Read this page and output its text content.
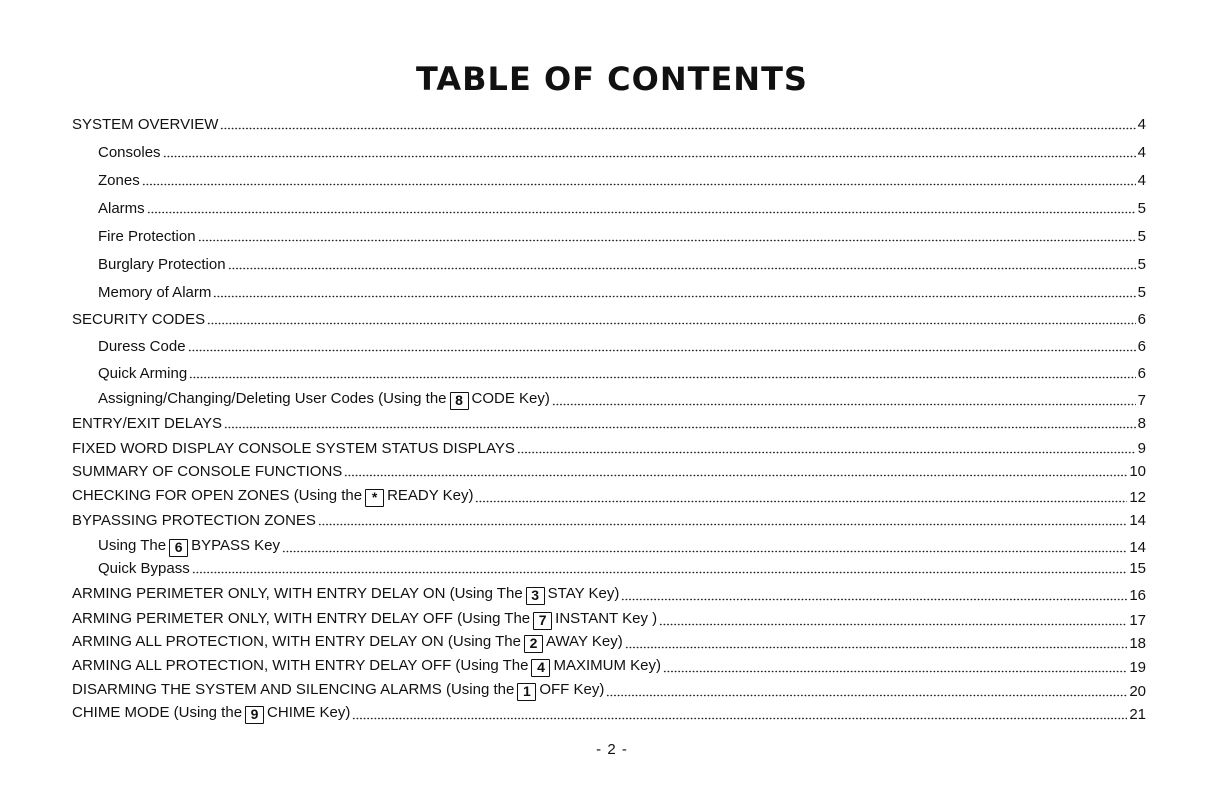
TABLE OF CONTENTS
SYSTEM OVERVIEW	4
Consoles	4
Zones	4
Alarms	5
Fire Protection	5
Burglary Protection	5
Memory of Alarm	5
SECURITY CODES	6
Duress Code	6
Quick Arming	6
Assigning/Changing/Deleting User Codes (Using the 8 CODE Key)	7
ENTRY/EXIT DELAYS	8
FIXED WORD DISPLAY CONSOLE SYSTEM STATUS DISPLAYS	9
SUMMARY OF CONSOLE FUNCTIONS	10
CHECKING FOR OPEN ZONES (Using the * READY Key)	12
BYPASSING PROTECTION ZONES	14
Using The 6 BYPASS Key	14
Quick Bypass	15
ARMING PERIMETER ONLY, WITH ENTRY DELAY ON (Using The 3 STAY Key)	16
ARMING PERIMETER ONLY, WITH ENTRY DELAY OFF (Using The 7 INSTANT Key )	17
ARMING ALL PROTECTION, WITH ENTRY DELAY ON (Using The 2 AWAY Key)	18
ARMING ALL PROTECTION, WITH ENTRY DELAY OFF (Using The 4 MAXIMUM Key)	19
DISARMING THE SYSTEM AND SILENCING ALARMS (Using the 1 OFF Key)	20
CHIME MODE (Using the 9 CHIME Key)	21
- 2 -
